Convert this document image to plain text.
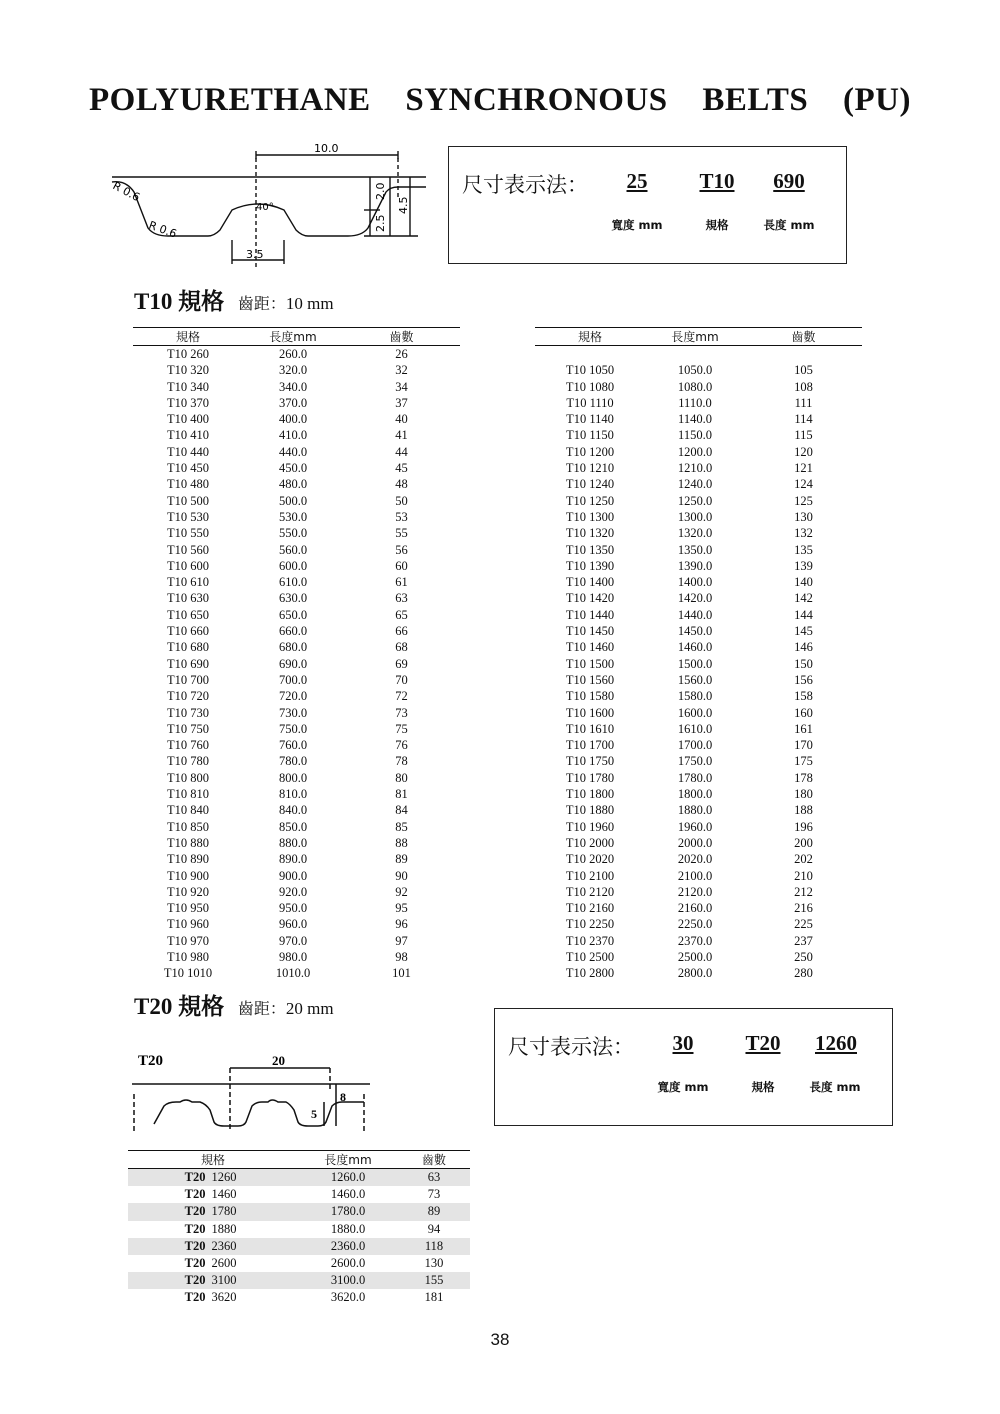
POLYURETHANE SYNCHRONOUS BELTS (PU)
10.0
R 0.6
R 0.6
40°
2.0
2.5
4.5
3.5
尺寸表示法：	25	T10	690
寬度 mm	規格	長度 mm
T10 規格 齒距：10 mm
規格	長度mm	齒數
T10 260	260.0	26
T10 320	320.0	32
T10 340	340.0	34
T10 370	370.0	37
T10 400	400.0	40
T10 410	410.0	41
T10 440	440.0	44
T10 450	450.0	45
T10 480	480.0	48
T10 500	500.0	50
T10 530	530.0	53
T10 550	550.0	55
T10 560	560.0	56
T10 600	600.0	60
T10 610	610.0	61
T10 630	630.0	63
T10 650	650.0	65
T10 660	660.0	66
T10 680	680.0	68
T10 690	690.0	69
T10 700	700.0	70
T10 720	720.0	72
T10 730	730.0	73
T10 750	750.0	75
T10 760	760.0	76
T10 780	780.0	78
T10 800	800.0	80
T10 810	810.0	81
T10 840	840.0	84
T10 850	850.0	85
T10 880	880.0	88
T10 890	890.0	89
T10 900	900.0	90
T10 920	920.0	92
T10 950	950.0	95
T10 960	960.0	96
T10 970	970.0	97
T10 980	980.0	98
T10 1010	1010.0	101
規格	長度mm	齒數

T10 1050	1050.0	105
T10 1080	1080.0	108
T10 1110	1110.0	111
T10 1140	1140.0	114
T10 1150	1150.0	115
T10 1200	1200.0	120
T10 1210	1210.0	121
T10 1240	1240.0	124
T10 1250	1250.0	125
T10 1300	1300.0	130
T10 1320	1320.0	132
T10 1350	1350.0	135
T10 1390	1390.0	139
T10 1400	1400.0	140
T10 1420	1420.0	142
T10 1440	1440.0	144
T10 1450	1450.0	145
T10 1460	1460.0	146
T10 1500	1500.0	150
T10 1560	1560.0	156
T10 1580	1580.0	158
T10 1600	1600.0	160
T10 1610	1610.0	161
T10 1700	1700.0	170
T10 1750	1750.0	175
T10 1780	1780.0	178
T10 1800	1800.0	180
T10 1880	1880.0	188
T10 1960	1960.0	196
T10 2000	2000.0	200
T10 2020	2020.0	202
T10 2100	2100.0	210
T10 2120	2120.0	212
T10 2160	2160.0	216
T10 2250	2250.0	225
T10 2370	2370.0	237
T10 2500	2500.0	250
T10 2800	2800.0	280
T20 規格 齒距：20 mm
T20	20
8
5
尺寸表示法：	30	T20	1260
寬度 mm	規格	長度 mm
規格		長度mm	齒數
T20	1260	1260.0	63
T20	1460	1460.0	73
T20	1780	1780.0	89
T20	1880	1880.0	94
T20	2360	2360.0	118
T20	2600	2600.0	130
T20	3100	3100.0	155
T20	3620	3620.0	181
38
